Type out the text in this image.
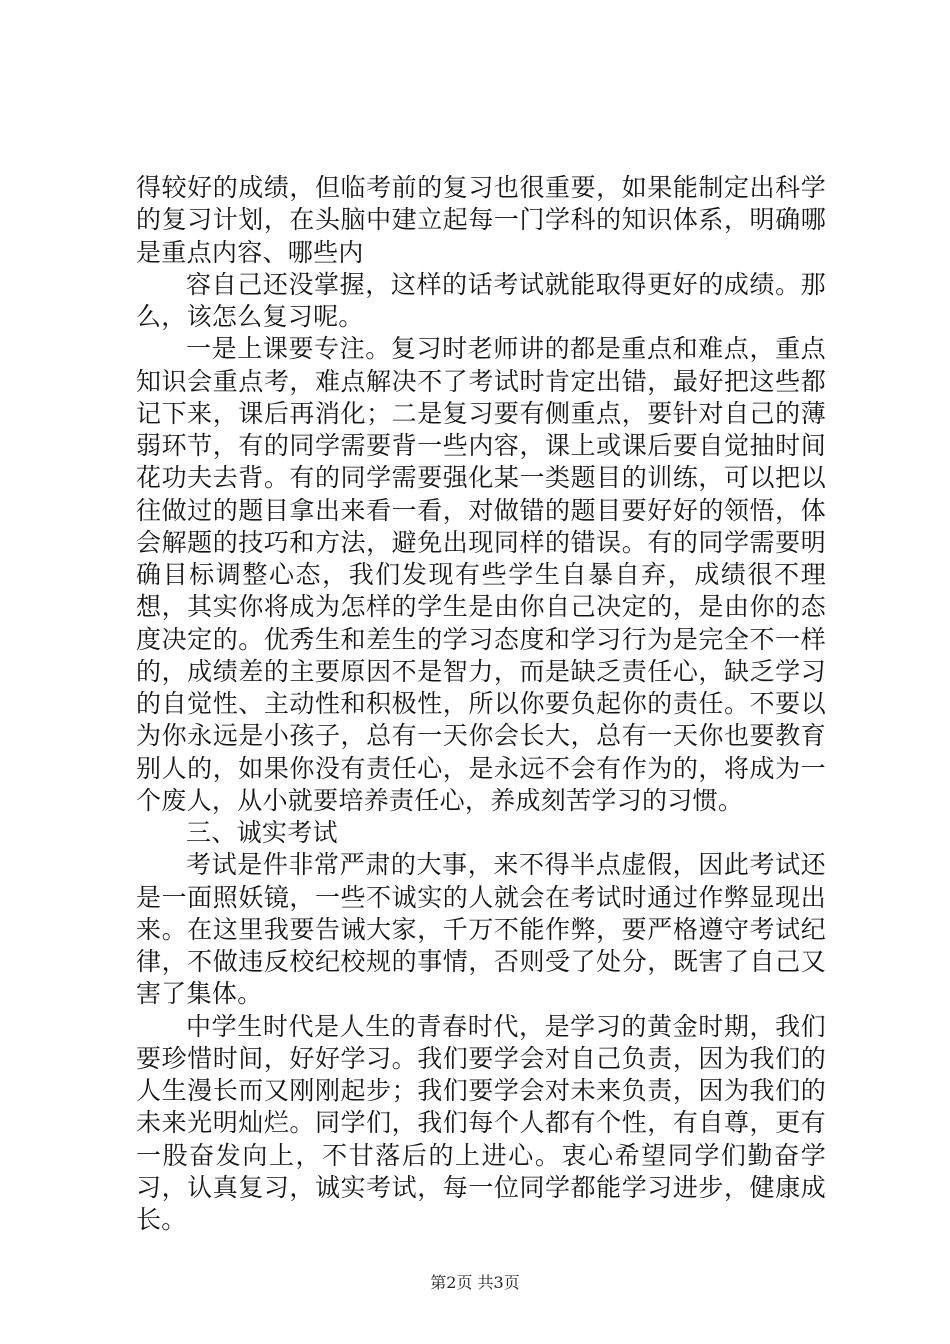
得较好的成绩，但临考前的复习也很重要，如果能制定出科学的复习计划，在头脑中建立起每一门学科的知识体系，明确哪是重点内容、哪些内

容自己还没掌握，这样的话考试就能取得更好的成绩。那么，该怎么复习呢。

一是上课要专注。复习时老师讲的都是重点和难点，重点知识会重点考，难点解决不了考试时肯定出错，最好把这些都记下来，课后再消化；二是复习要有侧重点，要针对自己的薄弱环节，有的同学需要背一些内容，课上或课后要自觉抽时间花功夫去背。有的同学需要强化某一类题目的训练，可以把以往做过的题目拿出来看一看，对做错的题目要好好的领悟，体会解题的技巧和方法，避免出现同样的错误。有的同学需要明确目标调整心态，我们发现有些学生自暴自弃，成绩很不理想，其实你将成为怎样的学生是由你自己决定的，是由你的态度决定的。优秀生和差生的学习态度和学习行为是完全不一样的，成绩差的主要原因不是智力，而是缺乏责任心，缺乏学习的自觉性、主动性和积极性，所以你要负起你的责任。不要以为你永远是小孩子，总有一天你会长大，总有一天你也要教育别人的，如果你没有责任心，是永远不会有作为的，将成为一个废人，从小就要培养责任心，养成刻苦学习的习惯。

三、诚实考试

考试是件非常严肃的大事，来不得半点虚假，因此考试还是一面照妖镜，一些不诚实的人就会在考试时通过作弊显现出来。在这里我要告诫大家，千万不能作弊，要严格遵守考试纪律，不做违反校纪校规的事情，否则受了处分，既害了自己又害了集体。

中学生时代是人生的青春时代，是学习的黄金时期，我们要珍惜时间，好好学习。我们要学会对自己负责，因为我们的人生漫长而又刚刚起步；我们要学会对未来负责，因为我们的未来光明灿烂。同学们，我们每个人都有个性，有自尊，更有一股奋发向上，不甘落后的上进心。衷心希望同学们勤奋学习，认真复习，诚实考试，每一位同学都能学习进步，健康成长。

第2页 共3页
